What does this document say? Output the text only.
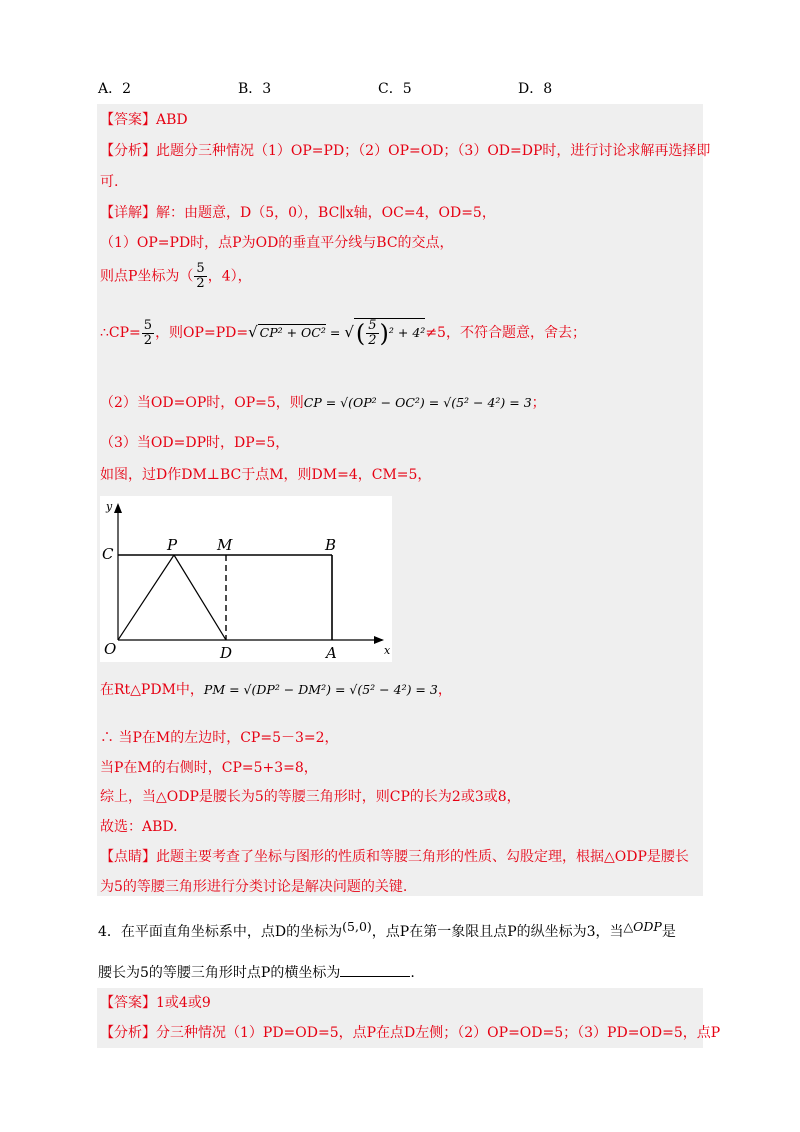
A．2	B．3	C．5	D．8
【答案】ABD
【分析】此题分三种情况（1）OP=PD；（2）OP=OD；（3）OD=DP时，进行讨论求解再选择即
可.
【详解】解：由题意，D（5，0），BC∥x轴，OC=4，OD=5，
（1）OP=PD时，点P为OD的垂直平分线与BC的交点，
则点P坐标为（ $\frac{5}{2}$ ，4），
∴CP= $\frac{5}{2}$ ，则OP=PD=√ CP² + OC² = √( $\frac{5}{2} )^2 + 4^2\ne 5$，不符合题意，舍去；
（2）当OD=OP时，OP=5，则CP = √(OP² − OC²) = √(5² − 4²) = 3；
（3）当OD=DP时，DP=5，
如图，过D作DM⊥BC于点M，则DM=4，CM=5，
y
x
C	P	M	B
O	D	A
在Rt△PDM中，PM = √(DP² − DM²) = √(5² − 4²) = 3，
∴ 当P在M的左边时，CP=5－3=2，
当P在M的右侧时，CP=5+3=8，
综上，当△ODP是腰长为5的等腰三角形时，则CP的长为2或3或8，
故选：ABD.
【点睛】此题主要考查了坐标与图形的性质和等腰三角形的性质、勾股定理，根据△ODP是腰长
为5的等腰三角形进行分类讨论是解决问题的关键.
4．在平面直角坐标系中，点D的坐标为(5,0)，点P在第一象限且点P的纵坐标为3，当△ODP是
腰长为5的等腰三角形时点P的横坐标为	.
【答案】1或4或9
【分析】分三种情况（1）PD=OD=5，点P在点D左侧；（2）OP=OD=5；（3）PD=OD=5，点P
